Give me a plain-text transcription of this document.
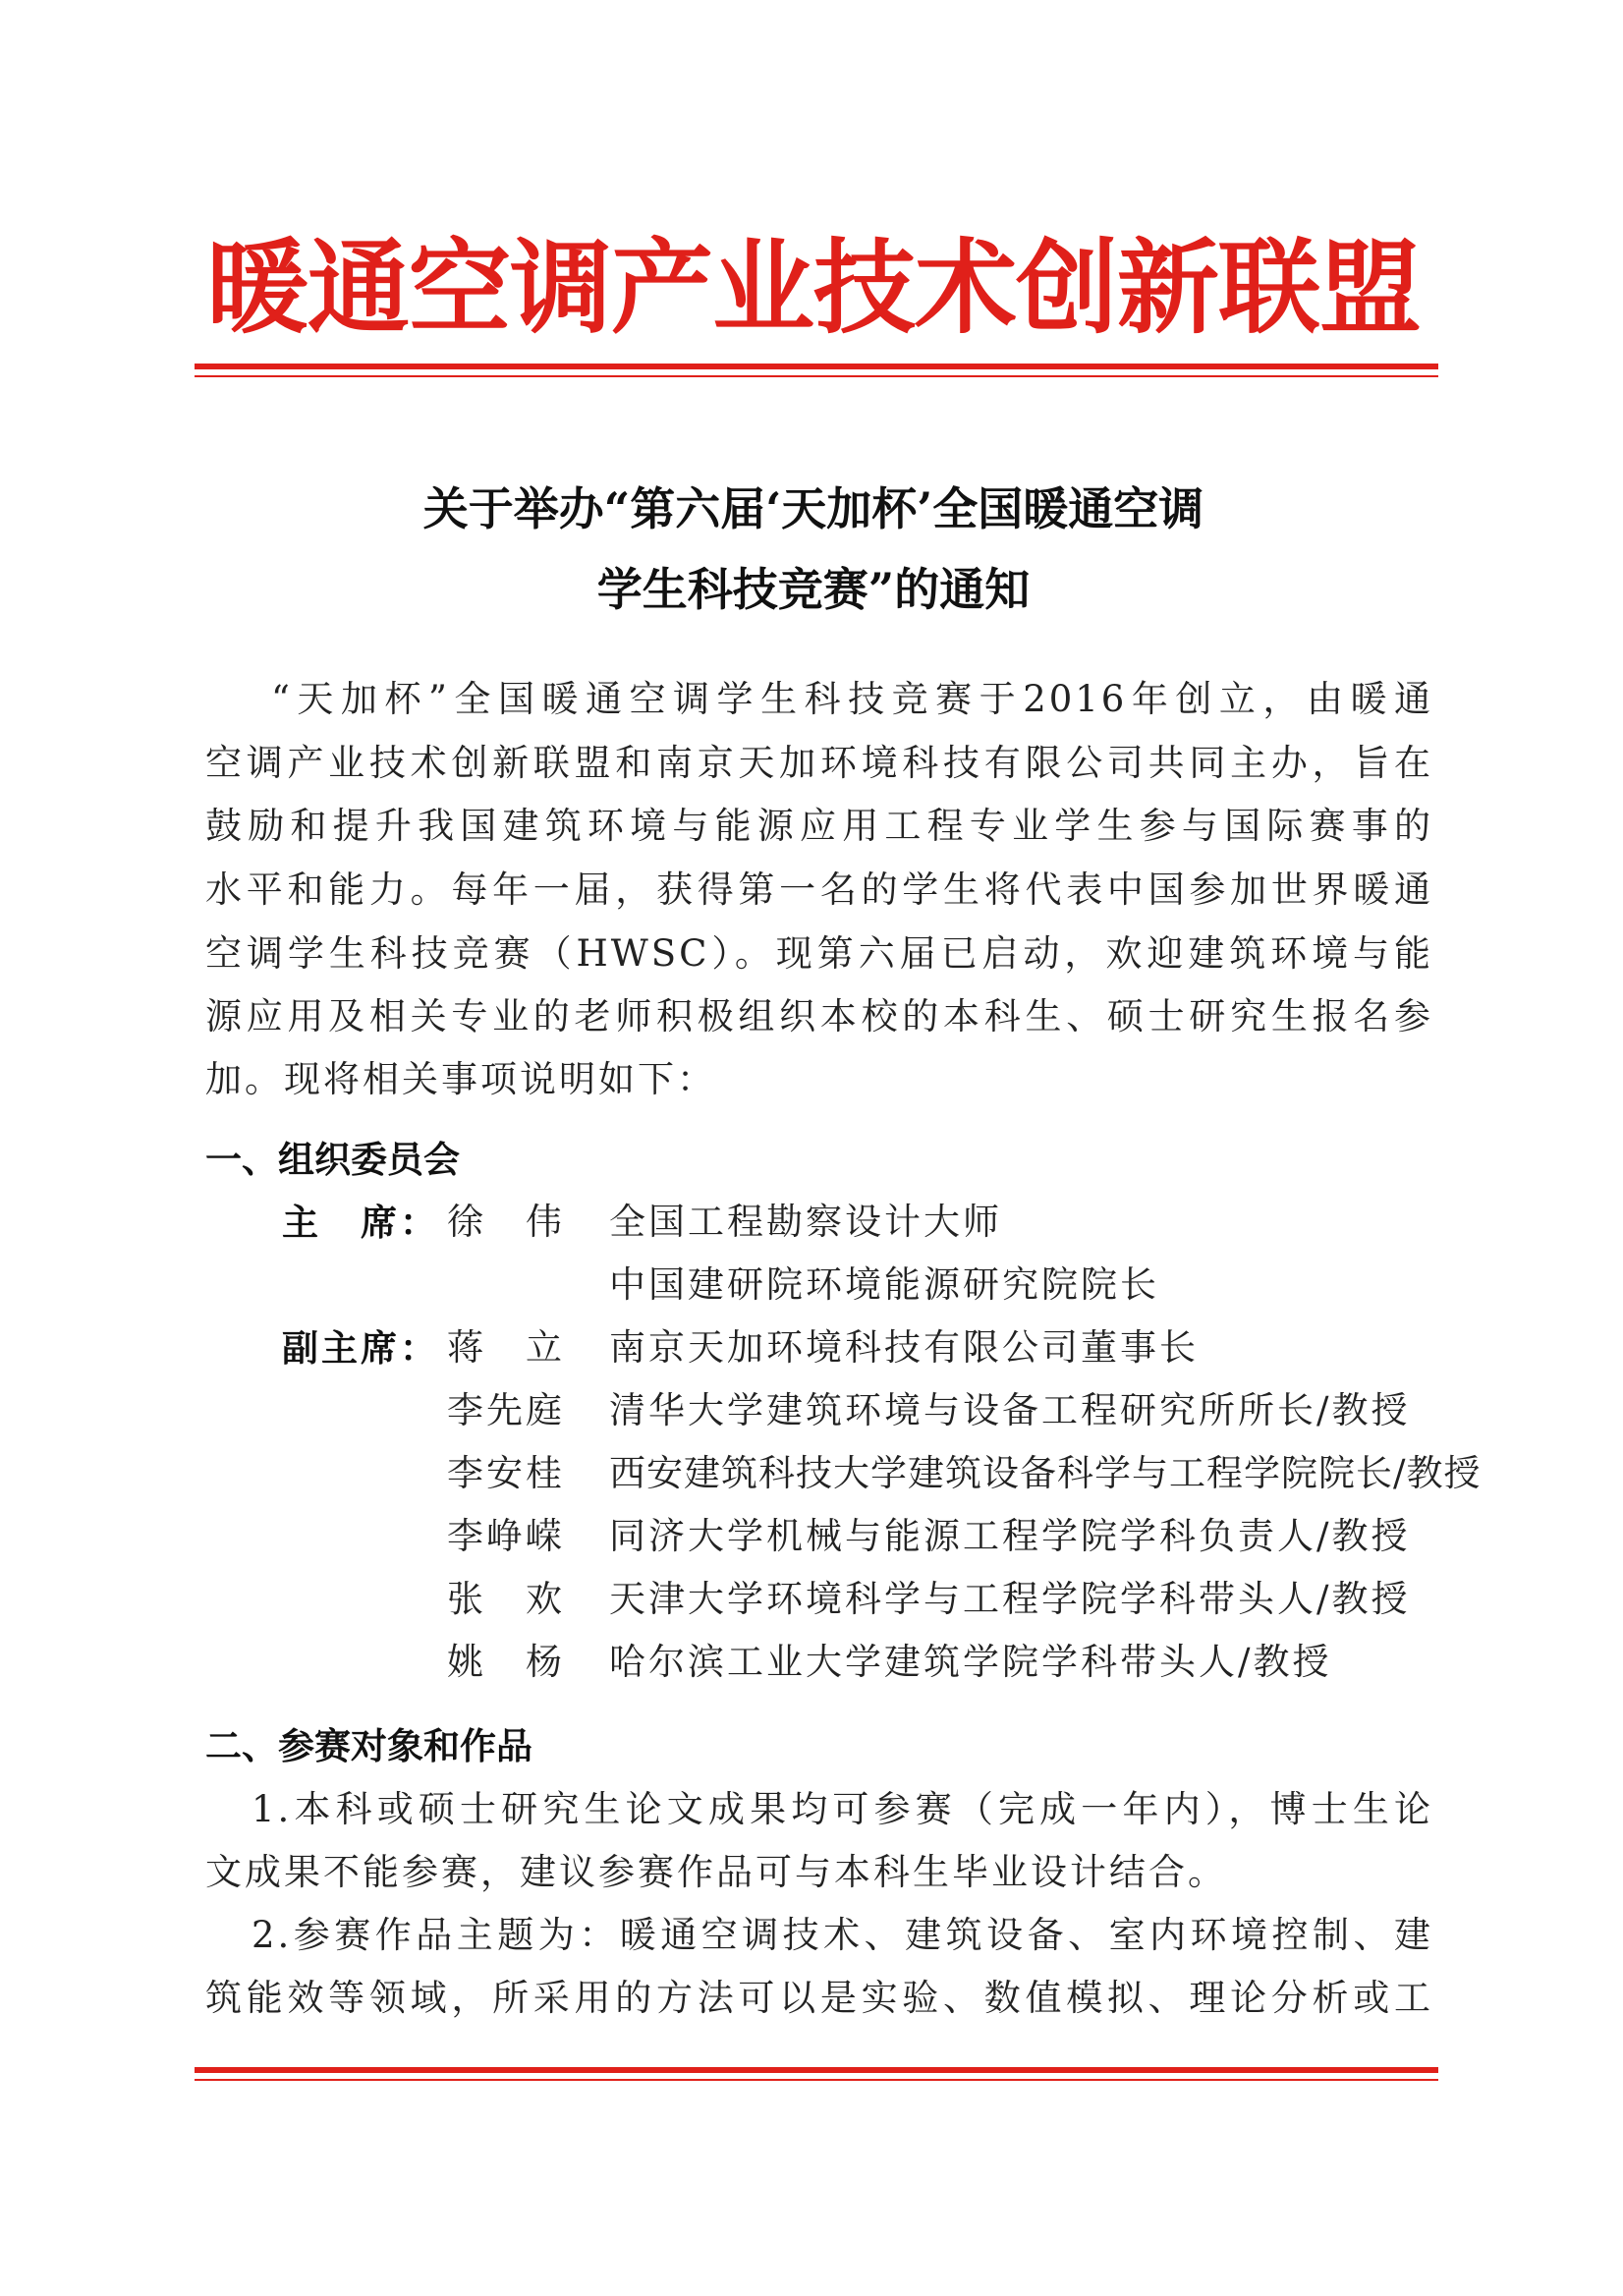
暖通空调产业技术创新联盟
关于举办“第六届‘天加杯’全国暖通空调
学生科技竞赛”的通知
“天加杯”全国暖通空调学生科技竞赛于2016年创立，由暖通
空调产业技术创新联盟和南京天加环境科技有限公司共同主办，旨在
鼓励和提升我国建筑环境与能源应用工程专业学生参与国际赛事的
水平和能力。每年一届，获得第一名的学生将代表中国参加世界暖通
空调学生科技竞赛（HWSC）。现第六届已启动，欢迎建筑环境与能
源应用及相关专业的老师积极组织本校的本科生、硕士研究生报名参
加。现将相关事项说明如下：
一、组织委员会
主　席： 徐　伟 全国工程勘察设计大师
中国建研院环境能源研究院院长
副主席： 蒋　立 南京天加环境科技有限公司董事长
李先庭 清华大学建筑环境与设备工程研究所所长/教授
李安桂 西安建筑科技大学建筑设备科学与工程学院院长/教授
李峥嵘 同济大学机械与能源工程学院学科负责人/教授
张　欢 天津大学环境科学与工程学院学科带头人/教授
姚　杨 哈尔滨工业大学建筑学院学科带头人/教授
二、参赛对象和作品
1.本科或硕士研究生论文成果均可参赛（完成一年内），博士生论
文成果不能参赛，建议参赛作品可与本科生毕业设计结合。
2.参赛作品主题为：暖通空调技术、建筑设备、室内环境控制、建
筑能效等领域，所采用的方法可以是实验、数值模拟、理论分析或工
